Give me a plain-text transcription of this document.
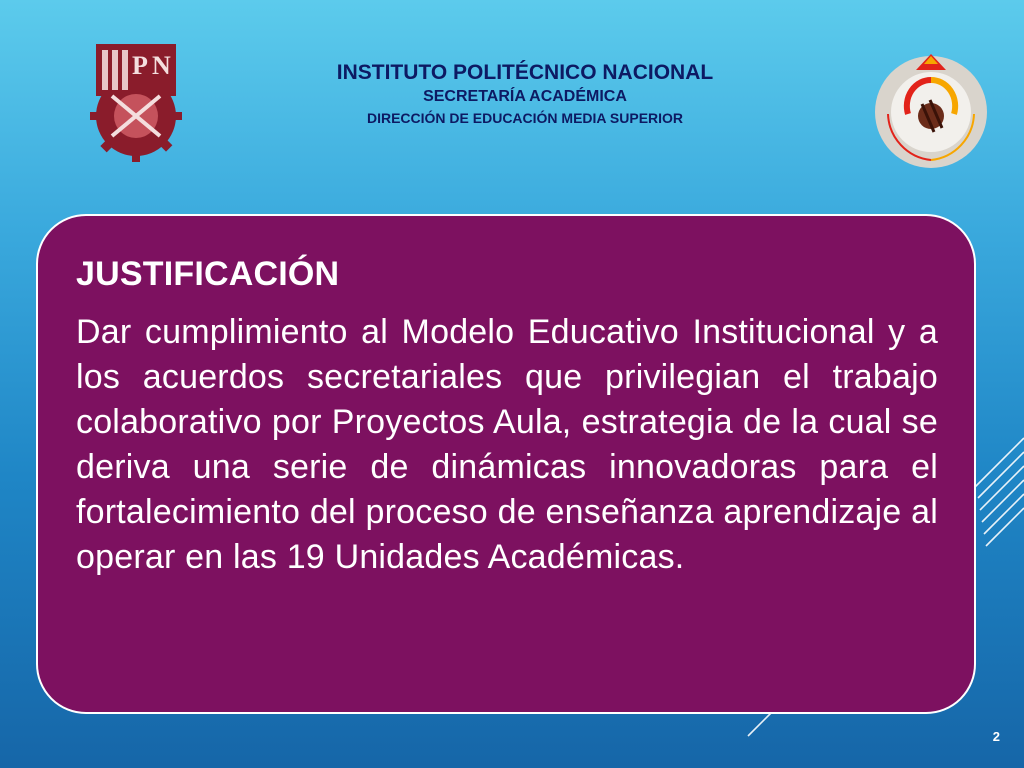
P N	INSTITUTO POLITÉCNICO NACIONAL
SECRETARÍA ACADÉMICA
DIRECCIÓN DE EDUCACIÓN MEDIA SUPERIOR
JUSTIFICACIÓN
Dar cumplimiento al Modelo Educativo Institucional y a los acuerdos secretariales que privilegian el trabajo colaborativo por Proyectos Aula, estrategia de la cual se deriva una serie de dinámicas innovadoras para el fortalecimiento del proceso de enseñanza aprendizaje al operar en las 19 Unidades Académicas.
2
